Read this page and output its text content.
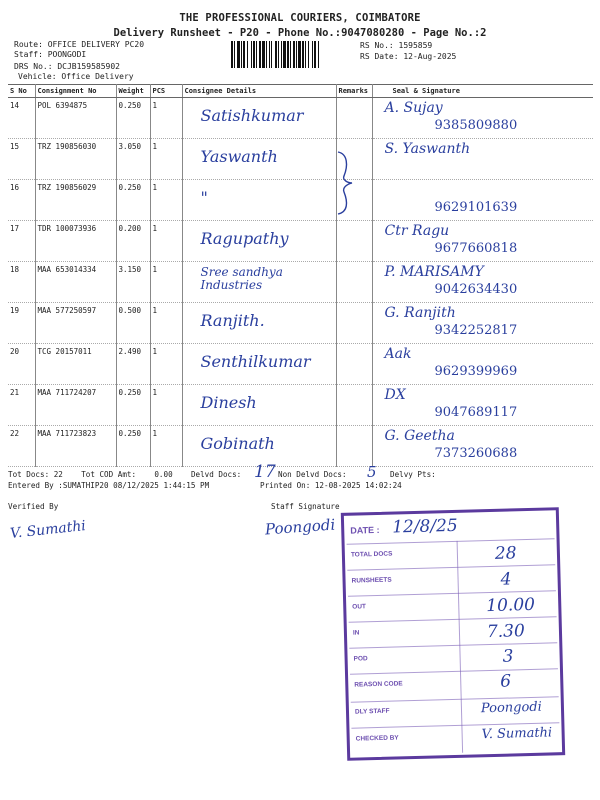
THE PROFESSIONAL COURIERS, COIMBATORE
Delivery Runsheet - P20 - Phone No.:9047080280 - Page No.:2
Route: OFFICE DELIVERY PC20
Staff: POONGODI
DRS No.: DCJB159585902
Vehicle: Office Delivery
RS No.: 1595859
RS Date: 12-Aug-2025
S No	Consignment No	Weight	PCS	Consignee Details	Remarks	Seal & Signature
14	POL 6394875	0.250	1	Satishkumar		A. Sujay
9385809880

15	TRZ 190856030	3.050	1	Yaswanth		S. Yaswanth

16	TRZ 190856029	0.250	1	"		9629101639

17	TDR 100073936	0.200	1	Ragupathy		Ctr Ragu
9677660818

18	MAA 653014334	3.150	1	Sree sandhya Industries		P. MARISAMY
9042634430

19	MAA 577250597	0.500	1	Ranjith.		G. Ranjith
9342252817

20	TCG 20157011	2.490	1	Senthilkumar		Aak
9629399969

21	MAA 711724207	0.250	1	Dinesh		DX
9047689117

22	MAA 711723823	0.250	1	Gobinath		G. Geetha
7373260688
Tot Docs: 22 Tot COD Amt: 0.00 Delvd Docs: 17 Non Delvd Docs: 5 Delvy Pts:
Entered By :SUMATHIP20 08/12/2025 1:44:15 PM	Printed On: 12-08-2025 14:02:24
Verified By
V. Sumathi
Staff Signature
Poongodi DATE : 12/8/25
TOTAL DOCS	28
RUNSHEETS	4
OUT	10.00
IN	7.30
POD	3
REASON CODE	6
DLY STAFF	Poongodi
CHECKED BY	V. Sumathi
